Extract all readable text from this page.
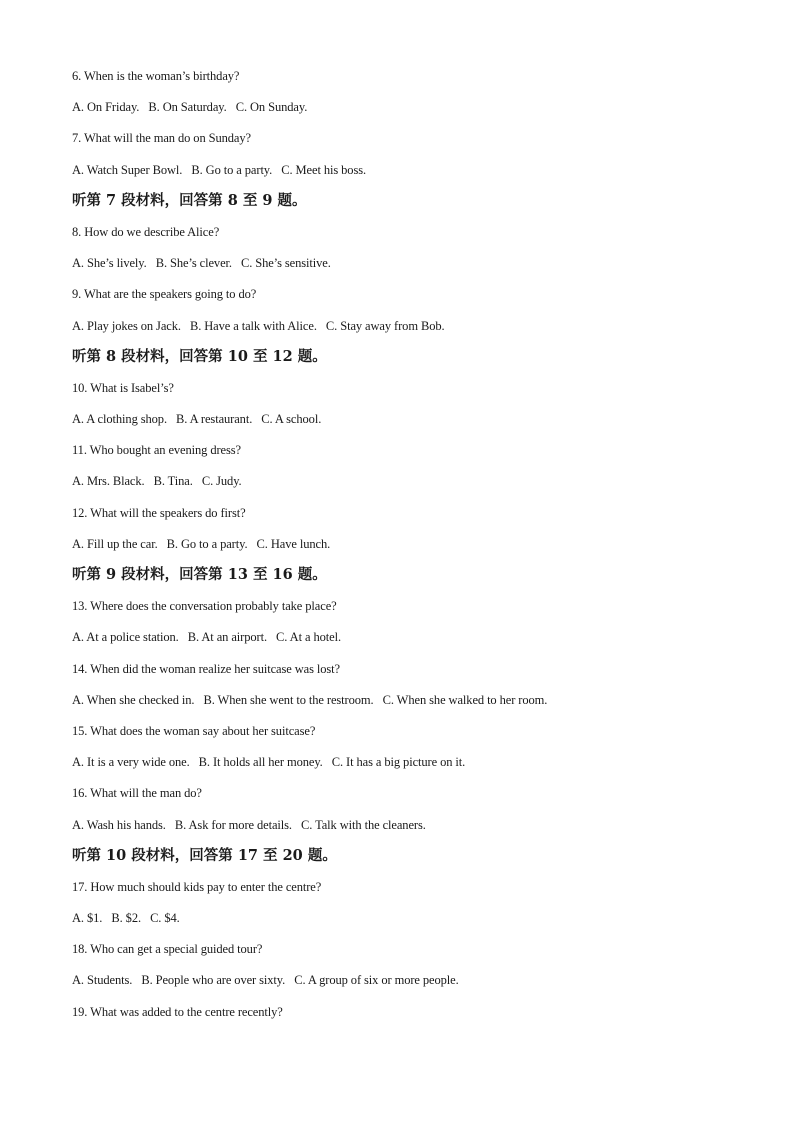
6. When is the woman’s birthday?
A. On Friday.   B. On Saturday.   C. On Sunday.
7. What will the man do on Sunday?
A. Watch Super Bowl.   B. Go to a party.   C. Meet his boss.
听第 7 段材料，回答第 8 至 9 题。
8. How do we describe Alice?
A. She’s lively.   B. She’s clever.   C. She’s sensitive.
9. What are the speakers going to do?
A. Play jokes on Jack.   B. Have a talk with Alice.   C. Stay away from Bob.
听第 8 段材料，回答第 10 至 12 题。
10. What is Isabel’s?
A. A clothing shop.   B. A restaurant.   C. A school.
11. Who bought an evening dress?
A. Mrs. Black.   B. Tina.   C. Judy.
12. What will the speakers do first?
A. Fill up the car.   B. Go to a party.   C. Have lunch.
听第 9 段材料，回答第 13 至 16 题。
13. Where does the conversation probably take place?
A. At a police station.   B. At an airport.   C. At a hotel.
14. When did the woman realize her suitcase was lost?
A. When she checked in.   B. When she went to the restroom.   C. When she walked to her room.
15. What does the woman say about her suitcase?
A. It is a very wide one.   B. It holds all her money.   C. It has a big picture on it.
16. What will the man do?
A. Wash his hands.   B. Ask for more details.   C. Talk with the cleaners.
听第 10 段材料，回答第 17 至 20 题。
17. How much should kids pay to enter the centre?
A. $1.   B. $2.   C. $4.
18. Who can get a special guided tour?
A. Students.   B. People who are over sixty.   C. A group of six or more people.
19. What was added to the centre recently?
